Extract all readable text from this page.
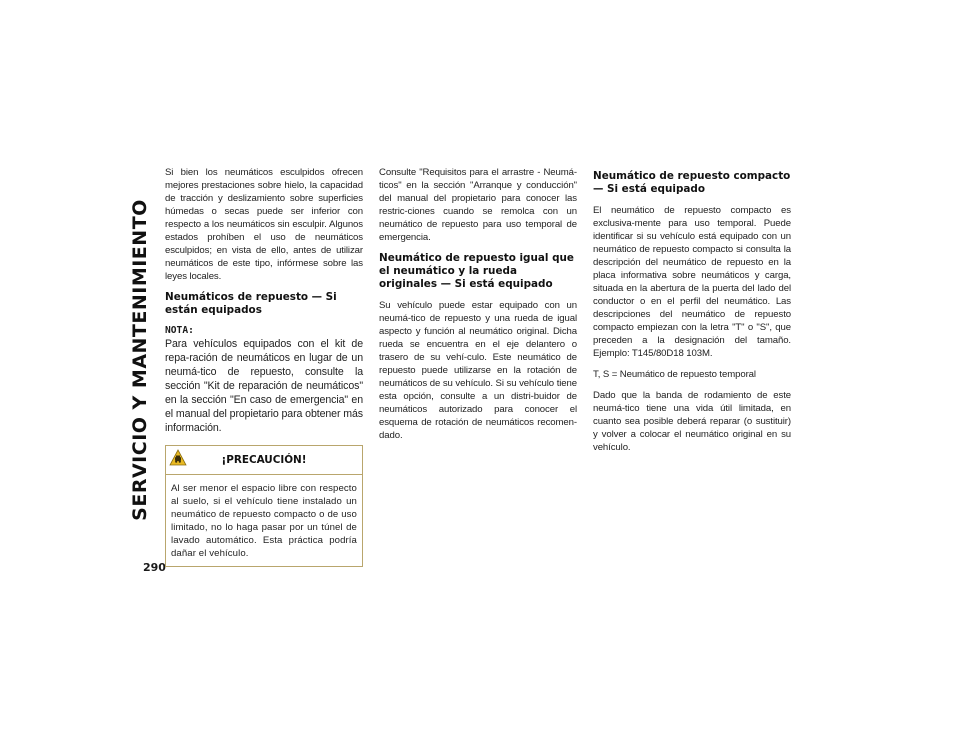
SERVICIO Y MANTENIMIENTO
290

Si bien los neumáticos esculpidos ofrecen mejores prestaciones sobre hielo, la capacidad de tracción y deslizamiento sobre superficies húmedas o secas puede ser inferior con respecto a los neumáticos sin esculpir. Algunos estados prohíben el uso de neumáticos esculpidos; en vista de ello, antes de utilizar neumáticos de este tipo, infórmese sobre las leyes locales.

Neumáticos de repuesto — Si están equipados
NOTA:

Para vehículos equipados con el kit de repa-ración de neumáticos en lugar de un neumá-tico de repuesto, consulte la sección "Kit de reparación de neumáticos" en la sección "En caso de emergencia" en el manual del propietario para obtener más información.

¡PRECAUCIÓN!
Al ser menor el espacio libre con respecto al suelo, si el vehículo tiene instalado un neumático de repuesto compacto o de uso limitado, no lo haga pasar por un túnel de lavado automático. Esta práctica podría dañar el vehículo.

Consulte "Requisitos para el arrastre - Neumá-ticos" en la sección "Arranque y conducción" del manual del propietario para conocer las restric-ciones cuando se remolca con un neumático de repuesto para uso temporal de emergencia.

Neumático de repuesto igual que el neumático y la rueda originales — Si está equipado

Su vehículo puede estar equipado con un neumá-tico de repuesto y una rueda de igual aspecto y función al neumático original. Dicha rueda se encuentra en el eje delantero o trasero de su vehí-culo. Este neumático de repuesto puede utilizarse en la rotación de neumáticos de su vehículo. Si su vehículo tiene esta opción, consulte a un distri-buidor de neumáticos autorizado para conocer el esquema de rotación de neumáticos recomen-dado.

Neumático de repuesto compacto — Si está equipado

El neumático de repuesto compacto es exclusiva-mente para uso temporal. Puede identificar si su vehículo está equipado con un neumático de repuesto compacto si consulta la descripción del neumático de repuesto en la placa informativa sobre neumáticos y carga, situada en la abertura de la puerta del lado del conductor o en el perfil del neumático. Las descripciones del neumático de repuesto compacto empiezan con la letra "T" o "S", que preceden a la designación del tamaño. Ejemplo: T145/80D18 103M.

T, S = Neumático de repuesto temporal

Dado que la banda de rodamiento de este neumá-tico tiene una vida útil limitada, en cuanto sea posible deberá reparar (o sustituir) y volver a colocar el neumático original en su vehículo.
